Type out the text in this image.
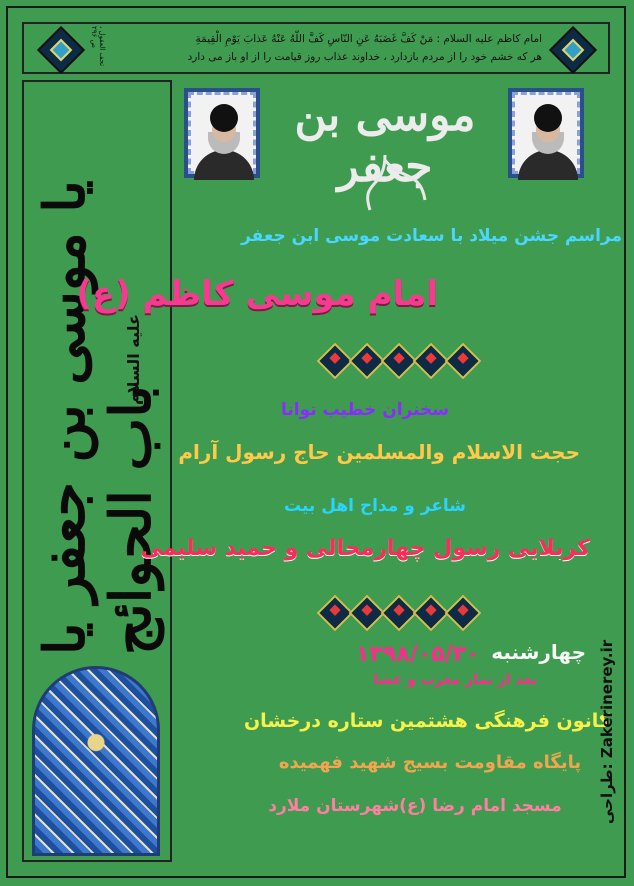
امام کاظم علیه السلام : مَنْ کَفَّ غَضَبَهُ عَنِ النّاسِ کَفَّ اللّهُ عَنْهُ عَذابَ یَوْمِ الْقِیمَةِ
هر که خشم خود را از مردم بازدارد ، خداوند عذاب روز قیامت را از او باز می دارد
تحف العقول ، ص ۲۹۶
یا موسی بن جعفر یا باب الحوائج
علیه السلام
موسی بن جعفر
مراسم جشن میلاد با سعادت موسی ابن جعفر
امام موسی کاظم (ع)
سخنران خطیب توانا
حجت الاسلام والمسلمین حاج رسول آرام
شاعر و مداح اهل بیت
کربلایی رسول چهارمحالی و حمید سلیمی
چهارشنبه
۱۳۹۸/۰۵/۳۰
بعد از نماز مغرب و عشا
کانون فرهنگی هشتمین ستاره درخشان
پایگاه مقاومت بسیج شهید فهمیده
مسجد امام رضا (ع)شهرستان ملارد	طراحی: Zakerinerey.ir
